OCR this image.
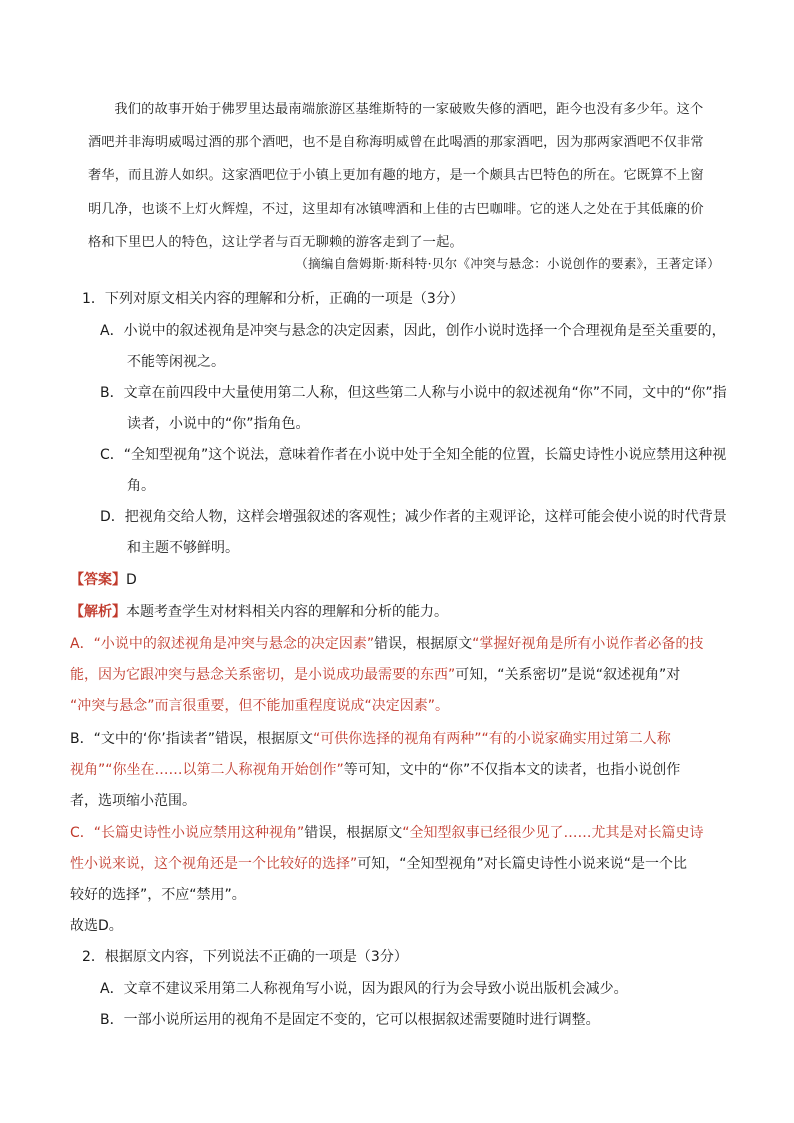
我们的故事开始于佛罗里达最南端旅游区基维斯特的一家破败失修的酒吧，距今也没有多少年。这个

酒吧并非海明威喝过酒的那个酒吧，也不是自称海明威曾在此喝酒的那家酒吧，因为那两家酒吧不仅非常

奢华，而且游人如织。这家酒吧位于小镇上更加有趣的地方，是一个颇具古巴特色的所在。它既算不上窗

明几净，也谈不上灯火辉煌，不过，这里却有冰镇啤酒和上佳的古巴咖啡。它的迷人之处在于其低廉的价

格和下里巴人的特色，这让学者与百无聊赖的游客走到了一起。

（摘编自詹姆斯·斯科特·贝尔《冲突与悬念：小说创作的要素》，王著定译）
1．下列对原文相关内容的理解和分析，正确的一项是（3分）
A．小说中的叙述视角是冲突与悬念的决定因素，因此，创作小说时选择一个合理视角是至关重要的，
不能等闲视之。
B．文章在前四段中大量使用第二人称，但这些第二人称与小说中的叙述视角“你”不同，文中的“你”指
读者，小说中的“你”指角色。
C．“全知型视角”这个说法，意味着作者在小说中处于全知全能的位置，长篇史诗性小说应禁用这种视
角。
D．把视角交给人物，这样会增强叙述的客观性；减少作者的主观评论，这样可能会使小说的时代背景
和主题不够鲜明。
【答案】D
【解析】本题考查学生对材料相关内容的理解和分析的能力。
A．“小说中的叙述视角是冲突与悬念的决定因素”错误，根据原文“掌握好视角是所有小说作者必备的技
能，因为它跟冲突与悬念关系密切，是小说成功最需要的东西”可知，“关系密切”是说“叙述视角”对
“冲突与悬念”而言很重要，但不能加重程度说成“决定因素”。
B．“文中的‘你’指读者”错误，根据原文“可供你选择的视角有两种”“有的小说家确实用过第二人称
视角”“你坐在……以第二人称视角开始创作”等可知，文中的“你”不仅指本文的读者，也指小说创作
者，选项缩小范围。
C．“长篇史诗性小说应禁用这种视角”错误，根据原文“全知型叙事已经很少见了……尤其是对长篇史诗
性小说来说，这个视角还是一个比较好的选择”可知，“全知型视角”对长篇史诗性小说来说“是一个比
较好的选择”，不应“禁用”。
故选D。
2．根据原文内容，下列说法不正确的一项是（3分）
A．文章不建议采用第二人称视角写小说，因为跟风的行为会导致小说出版机会减少。
B．一部小说所运用的视角不是固定不变的，它可以根据叙述需要随时进行调整。
